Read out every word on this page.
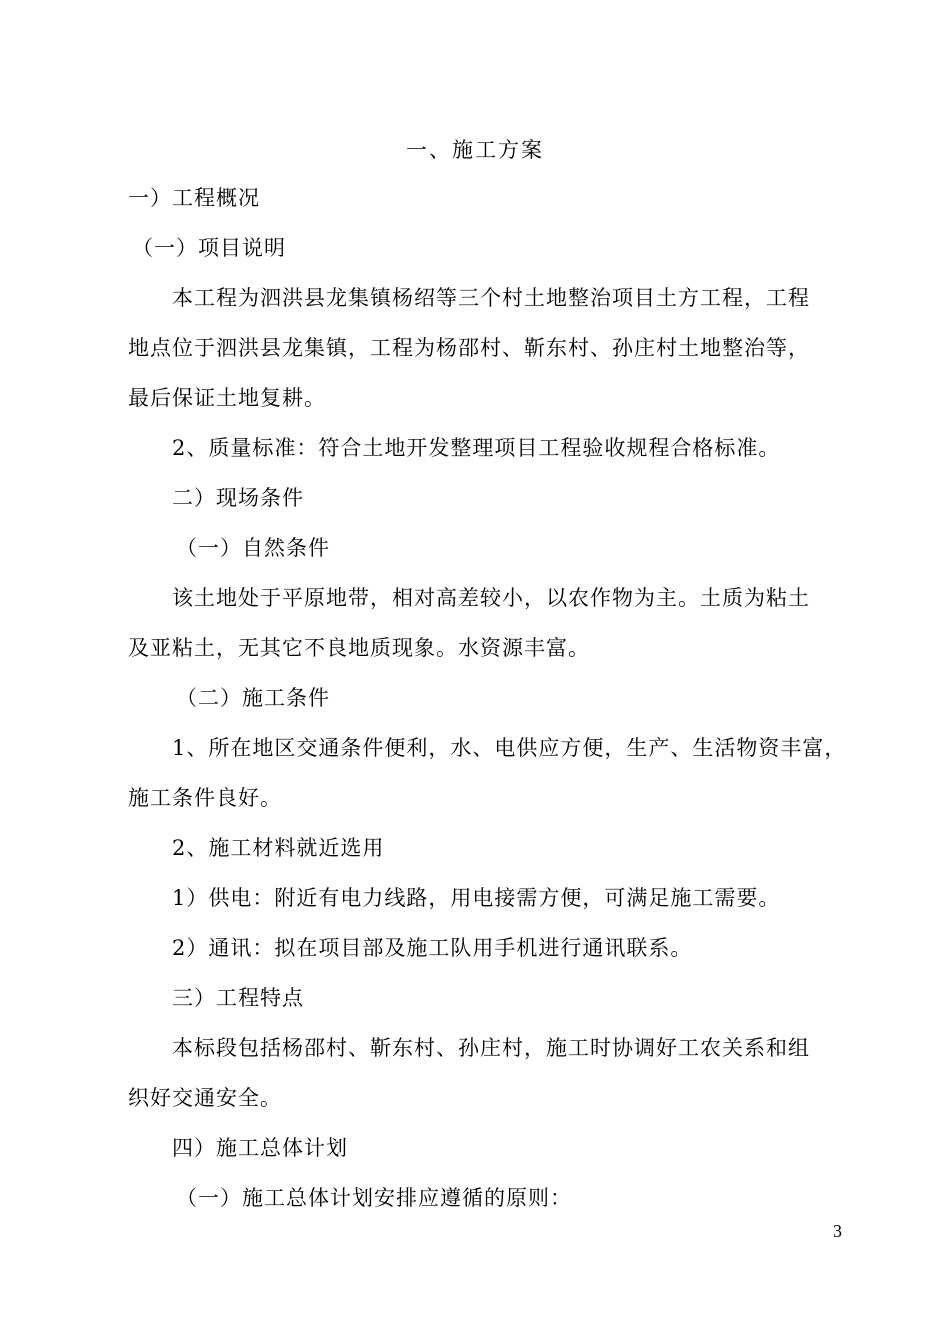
一、施工方案
一）工程概况
（一）项目说明
本工程为泗洪县龙集镇杨绍等三个村土地整治项目土方工程，工程
地点位于泗洪县龙集镇，工程为杨邵村、靳东村、孙庄村土地整治等，
最后保证土地复耕。
2、质量标准：符合土地开发整理项目工程验收规程合格标准。
二）现场条件
（一）自然条件
该土地处于平原地带，相对高差较小，以农作物为主。土质为粘土
及亚粘土，无其它不良地质现象。水资源丰富。
（二）施工条件
1、所在地区交通条件便利，水、电供应方便，生产、生活物资丰富，
施工条件良好。
2、施工材料就近选用
1）供电：附近有电力线路，用电接需方便，可满足施工需要。
2）通讯：拟在项目部及施工队用手机进行通讯联系。
三）工程特点
本标段包括杨邵村、靳东村、孙庄村，施工时协调好工农关系和组
织好交通安全。
四）施工总体计划
（一）施工总体计划安排应遵循的原则：
3
